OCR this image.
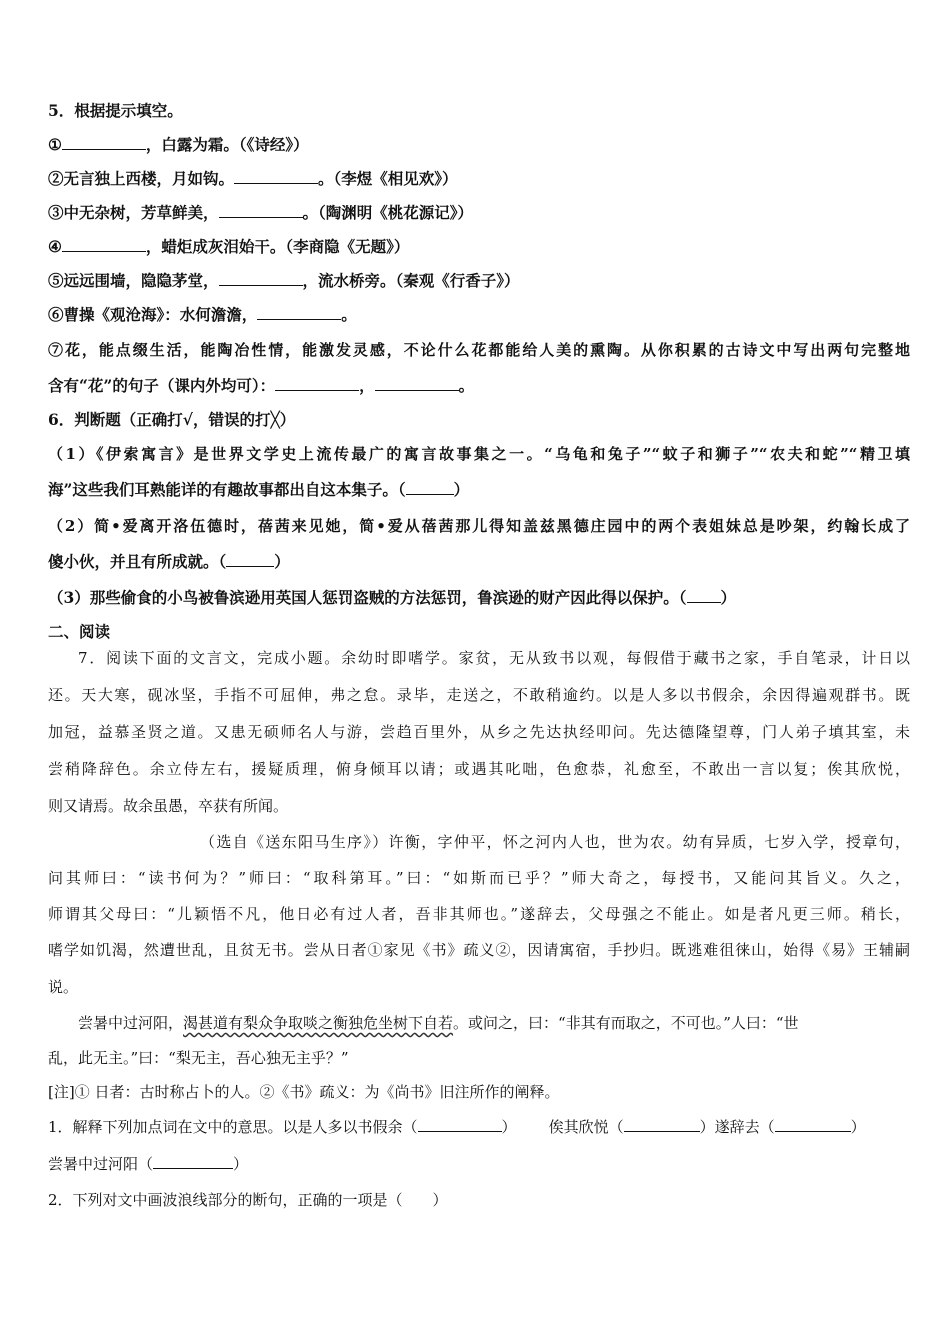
5．根据提示填空。
①	，白露为霜。（《诗经》）
②无言独上西楼，月如钩。	。（李煜《相见欢》）
③中无杂树，芳草鲜美，	。（陶渊明《桃花源记》）
④	，蜡炬成灰泪始干。（李商隐《无题》）
⑤远远围墙，隐隐茅堂，	，流水桥旁。（秦观《行香子》）
⑥曹操《观沧海》：水何澹澹，	。
⑦花，能点缀生活，能陶冶性情，能激发灵感，不论什么花都能给人美的熏陶。从你积累的古诗文中写出两句完整地
含有“花”的句子（课内外均可）：	，	。
6．判断题（正确打√，错误的打╳）
（1）《伊索寓言》是世界文学史上流传最广的寓言故事集之一。“乌龟和兔子”“蚊子和狮子”“农夫和蛇”“精卫填
海”这些我们耳熟能详的有趣故事都出自这本集子。（	）
（2）简•爱离开洛伍德时，蓓茜来见她，简•爱从蓓茜那儿得知盖兹黑德庄园中的两个表姐妹总是吵架，约翰长成了
傻小伙，并且有所成就。（	）
（3）那些偷食的小鸟被鲁滨逊用英国人惩罚盗贼的方法惩罚，鲁滨逊的财产因此得以保护。（ ）
二、阅读
7．阅读下面的文言文，完成小题。余幼时即嗜学。家贫，无从致书以观，每假借于藏书之家，手自笔录，计日以
还。天大寒，砚冰坚，手指不可屈伸，弗之怠。录毕，走送之，不敢稍逾约。以是人多以书假余，余因得遍观群书。既
加冠，益慕圣贤之道。又患无硕师名人与游，尝趋百里外，从乡之先达执经叩问。先达德隆望尊，门人弟子填其室，未
尝稍降辞色。余立侍左右，援疑质理，俯身倾耳以请；或遇其叱咄，色愈恭，礼愈至，不敢出一言以复；俟其欣悦，
则又请焉。故余虽愚，卒获有所闻。
（选自《送东阳马生序》）许衡，字仲平，怀之河内人也，世为农。幼有异质，七岁入学，授章句，
问其师曰：“读书何为？”师曰：“取科第耳。”曰：“如斯而已乎？”师大奇之，每授书，又能问其旨义。久之，
师谓其父母曰：“儿颖悟不凡，他日必有过人者，吾非其师也。”遂辞去，父母强之不能止。如是者凡更三师。稍长，
嗜学如饥渴，然遭世乱，且贫无书。尝从日者①家见《书》疏义②，因请寓宿，手抄归。既逃难徂徕山，始得《易》王辅嗣
说。
尝暑中过河阳，渴甚道有梨众争取啖之衡独危坐树下自若。或问之，曰：“非其有而取之，不可也。”人曰：“世
乱，此无主。”曰：“梨无主，吾心独无主乎？”
[注]① 日者：古时称占卜的人。②《书》疏义：为《尚书》旧注所作的阐释。
1．解释下列加点词在文中的意思。以是人多以书假余（	） 俟其欣悦（	）遂辞去（	）
尝暑中过河阳（	）
2．下列对文中画波浪线部分的断句，正确的一项是（　　）
